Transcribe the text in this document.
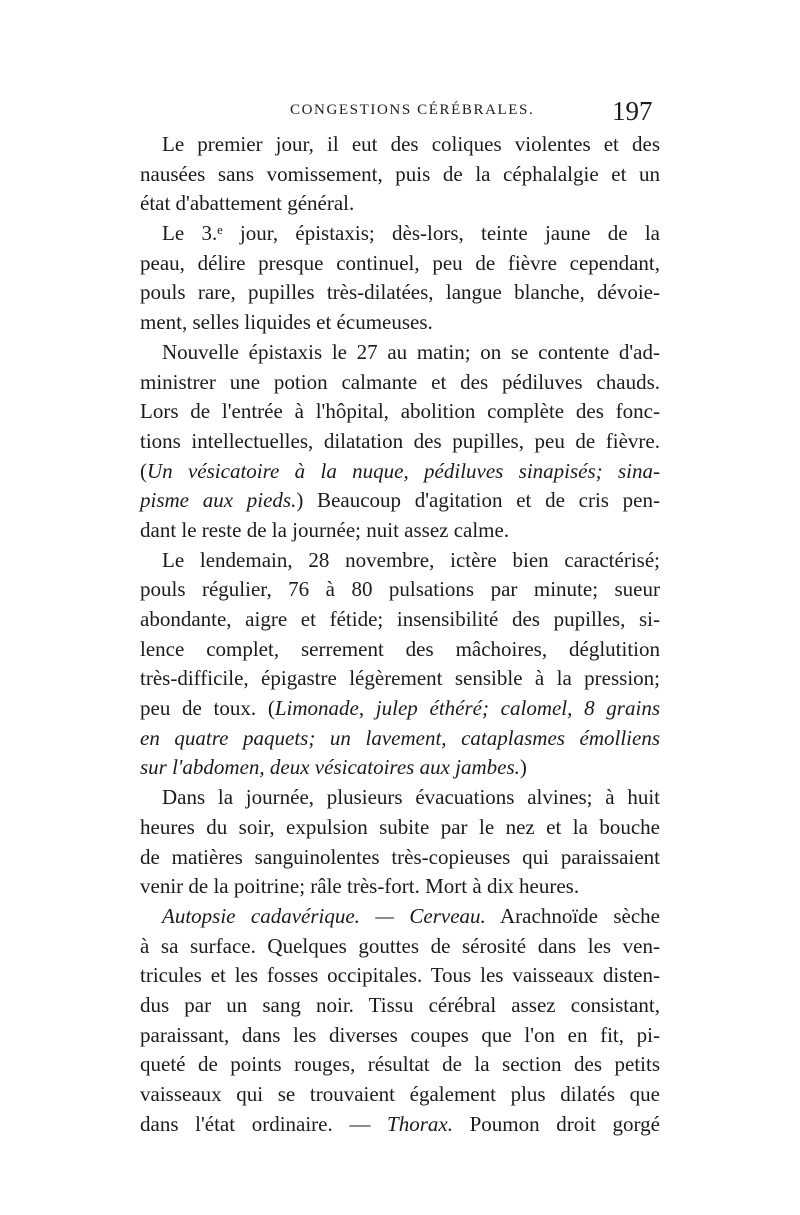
CONGESTIONS CÉRÉBRALES.	197
Le premier jour, il eut des coliques violentes et des
nausées sans vomissement, puis de la céphalalgie et un
état d'abattement général.
Le 3.ᵉ jour, épistaxis; dès-lors, teinte jaune de la
peau, délire presque continuel, peu de fièvre cependant,
pouls rare, pupilles très-dilatées, langue blanche, dévoie-
ment, selles liquides et écumeuses.
Nouvelle épistaxis le 27 au matin; on se contente d'ad-
ministrer une potion calmante et des pédiluves chauds.
Lors de l'entrée à l'hôpital, abolition complète des fonc-
tions intellectuelles, dilatation des pupilles, peu de fièvre.
(Un vésicatoire à la nuque, pédiluves sinapisés; sina-
pisme aux pieds.) Beaucoup d'agitation et de cris pen-
dant le reste de la journée; nuit assez calme.
Le lendemain, 28 novembre, ictère bien caractérisé;
pouls régulier, 76 à 80 pulsations par minute; sueur
abondante, aigre et fétide; insensibilité des pupilles, si-
lence complet, serrement des mâchoires, déglutition
très-difficile, épigastre légèrement sensible à la pression;
peu de toux. (Limonade, julep éthéré; calomel, 8 grains
en quatre paquets; un lavement, cataplasmes émolliens
sur l'abdomen, deux vésicatoires aux jambes.)
Dans la journée, plusieurs évacuations alvines; à huit
heures du soir, expulsion subite par le nez et la bouche
de matières sanguinolentes très-copieuses qui paraissaient
venir de la poitrine; râle très-fort. Mort à dix heures.
Autopsie cadavérique. — Cerveau. Arachnoïde sèche
à sa surface. Quelques gouttes de sérosité dans les ven-
tricules et les fosses occipitales. Tous les vaisseaux disten-
dus par un sang noir. Tissu cérébral assez consistant,
paraissant, dans les diverses coupes que l'on en fit, pi-
queté de points rouges, résultat de la section des petits
vaisseaux qui se trouvaient également plus dilatés que
dans l'état ordinaire. — Thorax. Poumon droit gorgé
